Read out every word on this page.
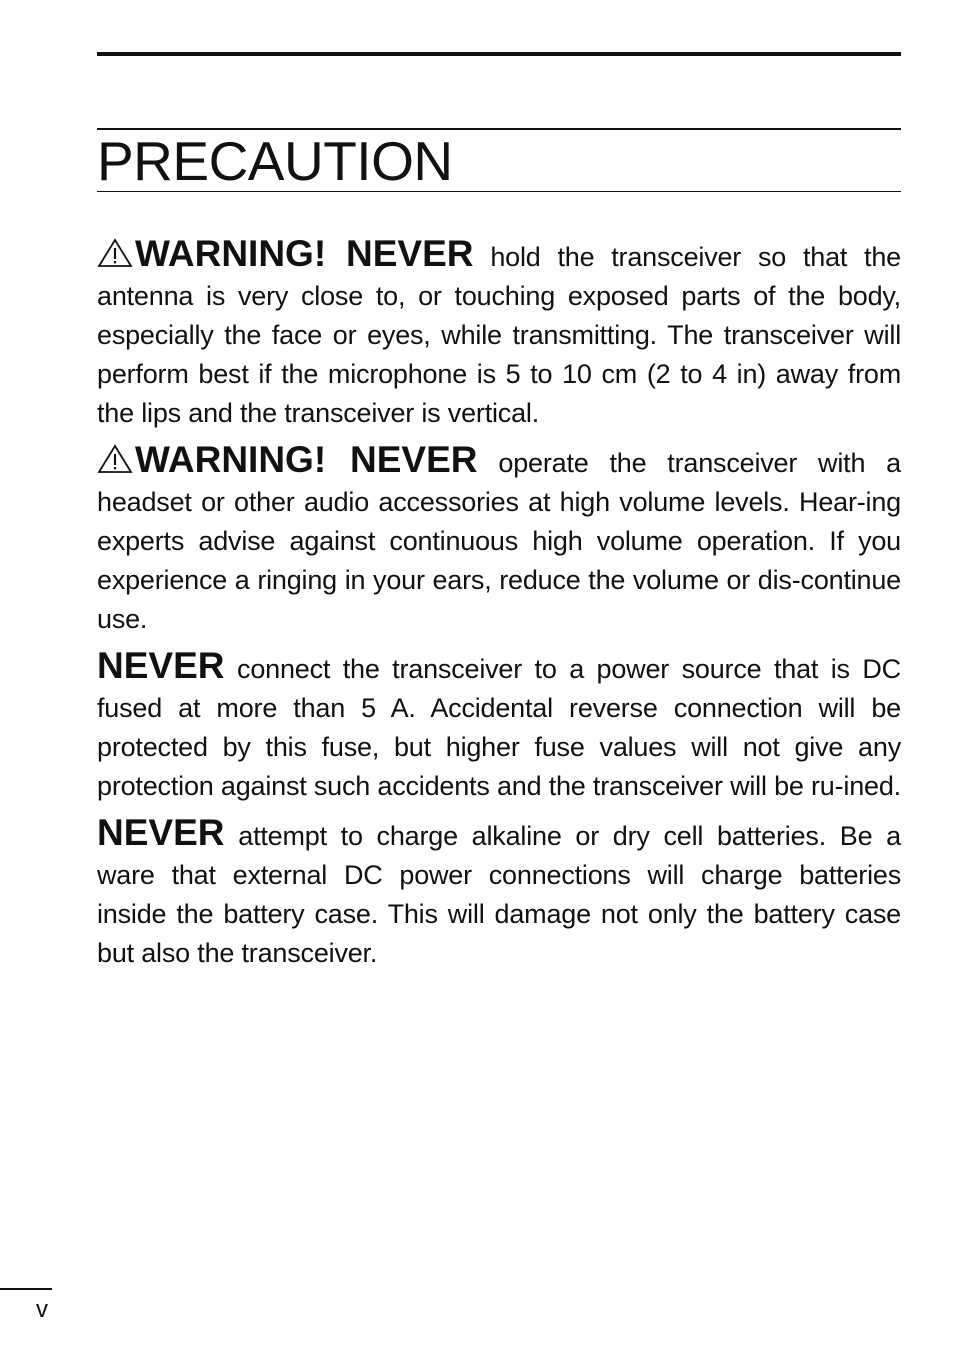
PRECAUTION

WARNING! NEVER hold the transceiver so that the antenna is very close to, or touching exposed parts of the body, especially the face or eyes, while transmitting. The transceiver will perform best if the microphone is 5 to 10 cm (2 to 4 in) away from the lips and the transceiver is vertical.

WARNING! NEVER operate the transceiver with a headset or other audio accessories at high volume levels. Hear-ing experts advise against continuous high volume operation. If you experience a ringing in your ears, reduce the volume or dis-continue use.

NEVER connect the transceiver to a power source that is DC fused at more than 5 A. Accidental reverse connection will be protected by this fuse, but higher fuse values will not give any protection against such accidents and the transceiver will be ru-ined.

NEVER attempt to charge alkaline or dry cell batteries. Be a ware that external DC power connections will charge batteries inside the battery case. This will damage not only the battery case but also the transceiver.

v
